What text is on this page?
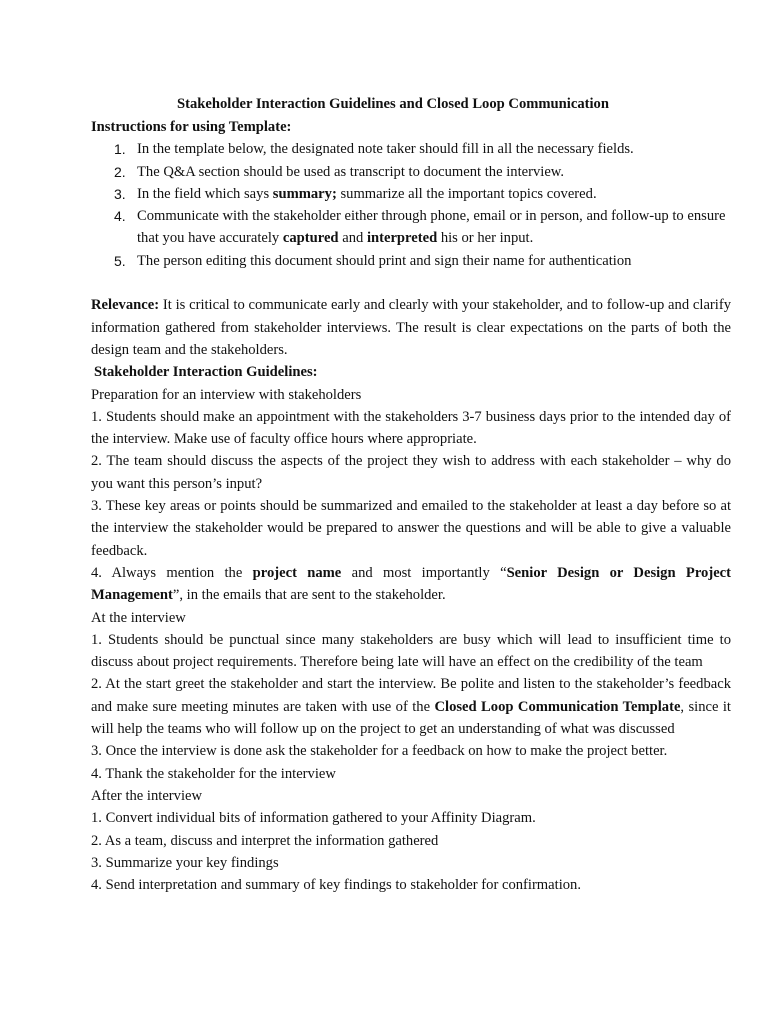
Stakeholder Interaction Guidelines and Closed Loop Communication
Instructions for using Template:
1. In the template below, the designated note taker should fill in all the necessary fields.
2. The Q&A section should be used as transcript to document the interview.
3. In the field which says summary; summarize all the important topics covered.
4. Communicate with the stakeholder either through phone, email or in person, and follow-up to ensure that you have accurately captured and interpreted his or her input.
5. The person editing this document should print and sign their name for authentication
Relevance: It is critical to communicate early and clearly with your stakeholder, and to follow-up and clarify information gathered from stakeholder interviews. The result is clear expectations on the parts of both the design team and the stakeholders.
Stakeholder Interaction Guidelines:
Preparation for an interview with stakeholders
1. Students should make an appointment with the stakeholders 3-7 business days prior to the intended day of the interview. Make use of faculty office hours where appropriate.
2. The team should discuss the aspects of the project they wish to address with each stakeholder – why do you want this person’s input?
3. These key areas or points should be summarized and emailed to the stakeholder at least a day before so at the interview the stakeholder would be prepared to answer the questions and will be able to give a valuable feedback.
4. Always mention the project name and most importantly “Senior Design or Design Project Management”, in the emails that are sent to the stakeholder.
At the interview
1. Students should be punctual since many stakeholders are busy which will lead to insufficient time to discuss about project requirements. Therefore being late will have an effect on the credibility of the team
2. At the start greet the stakeholder and start the interview. Be polite and listen to the stakeholder’s feedback and make sure meeting minutes are taken with use of the Closed Loop Communication Template, since it will help the teams who will follow up on the project to get an understanding of what was discussed
3. Once the interview is done ask the stakeholder for a feedback on how to make the project better.
4. Thank the stakeholder for the interview
After the interview
1. Convert individual bits of information gathered to your Affinity Diagram.
2. As a team, discuss and interpret the information gathered
3. Summarize your key findings
4. Send interpretation and summary of key findings to stakeholder for confirmation.
